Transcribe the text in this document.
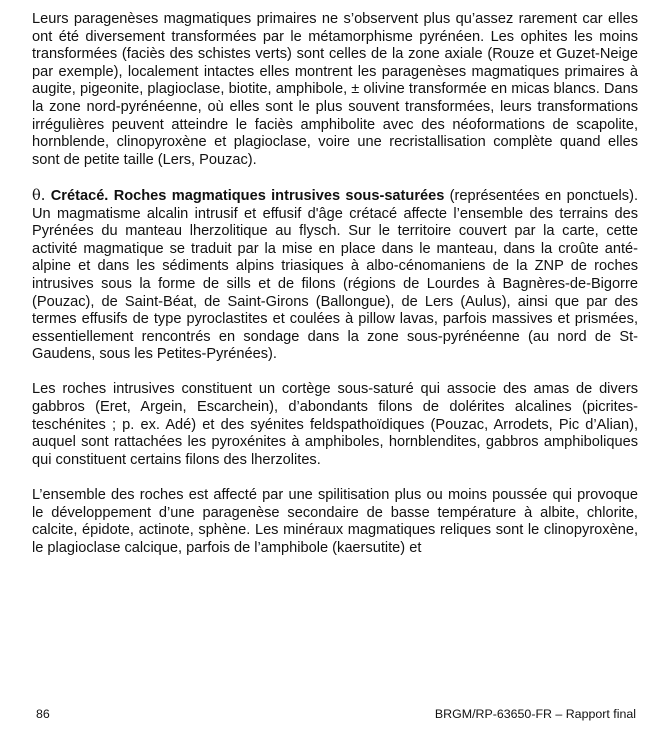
Leurs paragenèses magmatiques primaires ne s’observent plus qu’assez rarement car elles ont été diversement transformées par le métamorphisme pyrénéen. Les ophites les moins transformées (faciès des schistes verts) sont celles de la zone axiale (Rouze et Guzet-Neige par exemple), localement intactes elles montrent les paragenèses magmatiques primaires à augite, pigeonite, plagioclase, biotite, amphibole, ± olivine transformée en micas blancs. Dans la zone nord-pyrénéenne, où elles sont le plus souvent transformées, leurs transformations irrégulières peuvent atteindre le faciès amphibolite avec des néoformations de scapolite, hornblende, clinopyroxène et plagioclase, voire une recristallisation complète quand elles sont de petite taille (Lers, Pouzac).

θ. Crétacé. Roches magmatiques intrusives sous-saturées (représentées en ponctuels). Un magmatisme alcalin intrusif et effusif d'âge crétacé affecte l’ensemble des terrains des Pyrénées du manteau lherzolitique au flysch. Sur le territoire couvert par la carte, cette activité magmatique se traduit par la mise en place dans le manteau, dans la croûte anté-alpine et dans les sédiments alpins triasiques à albo-cénomaniens de la ZNP de roches intrusives sous la forme de sills et de filons (régions de Lourdes à Bagnères-de-Bigorre (Pouzac), de Saint-Béat, de Saint-Girons (Ballongue), de Lers (Aulus), ainsi que par des termes effusifs de type pyroclastites et coulées à pillow lavas, parfois massives et prismées, essentiellement rencontrés en sondage dans la zone sous-pyrénéenne (au nord de St-Gaudens, sous les Petites-Pyrénées).

Les roches intrusives constituent un cortège sous-saturé qui associe des amas de divers gabbros (Eret, Argein, Escarchein), d’abondants filons de dolérites alcalines (picrites-teschénites ; p. ex. Adé) et des syénites feldspathoïdiques (Pouzac, Arrodets, Pic d’Alian), auquel sont rattachées les pyroxénites à amphiboles, hornblendites, gabbros amphiboliques qui constituent certains filons des lherzolites.

L’ensemble des roches est affecté par une spilitisation plus ou moins poussée qui provoque le développement d’une paragenèse secondaire de basse température à albite, chlorite, calcite, épidote, actinote, sphène. Les minéraux magmatiques reliques sont le clinopyroxène, le plagioclase calcique, parfois de l’amphibole (kaersutite) et

86	BRGM/RP-63650-FR – Rapport final
